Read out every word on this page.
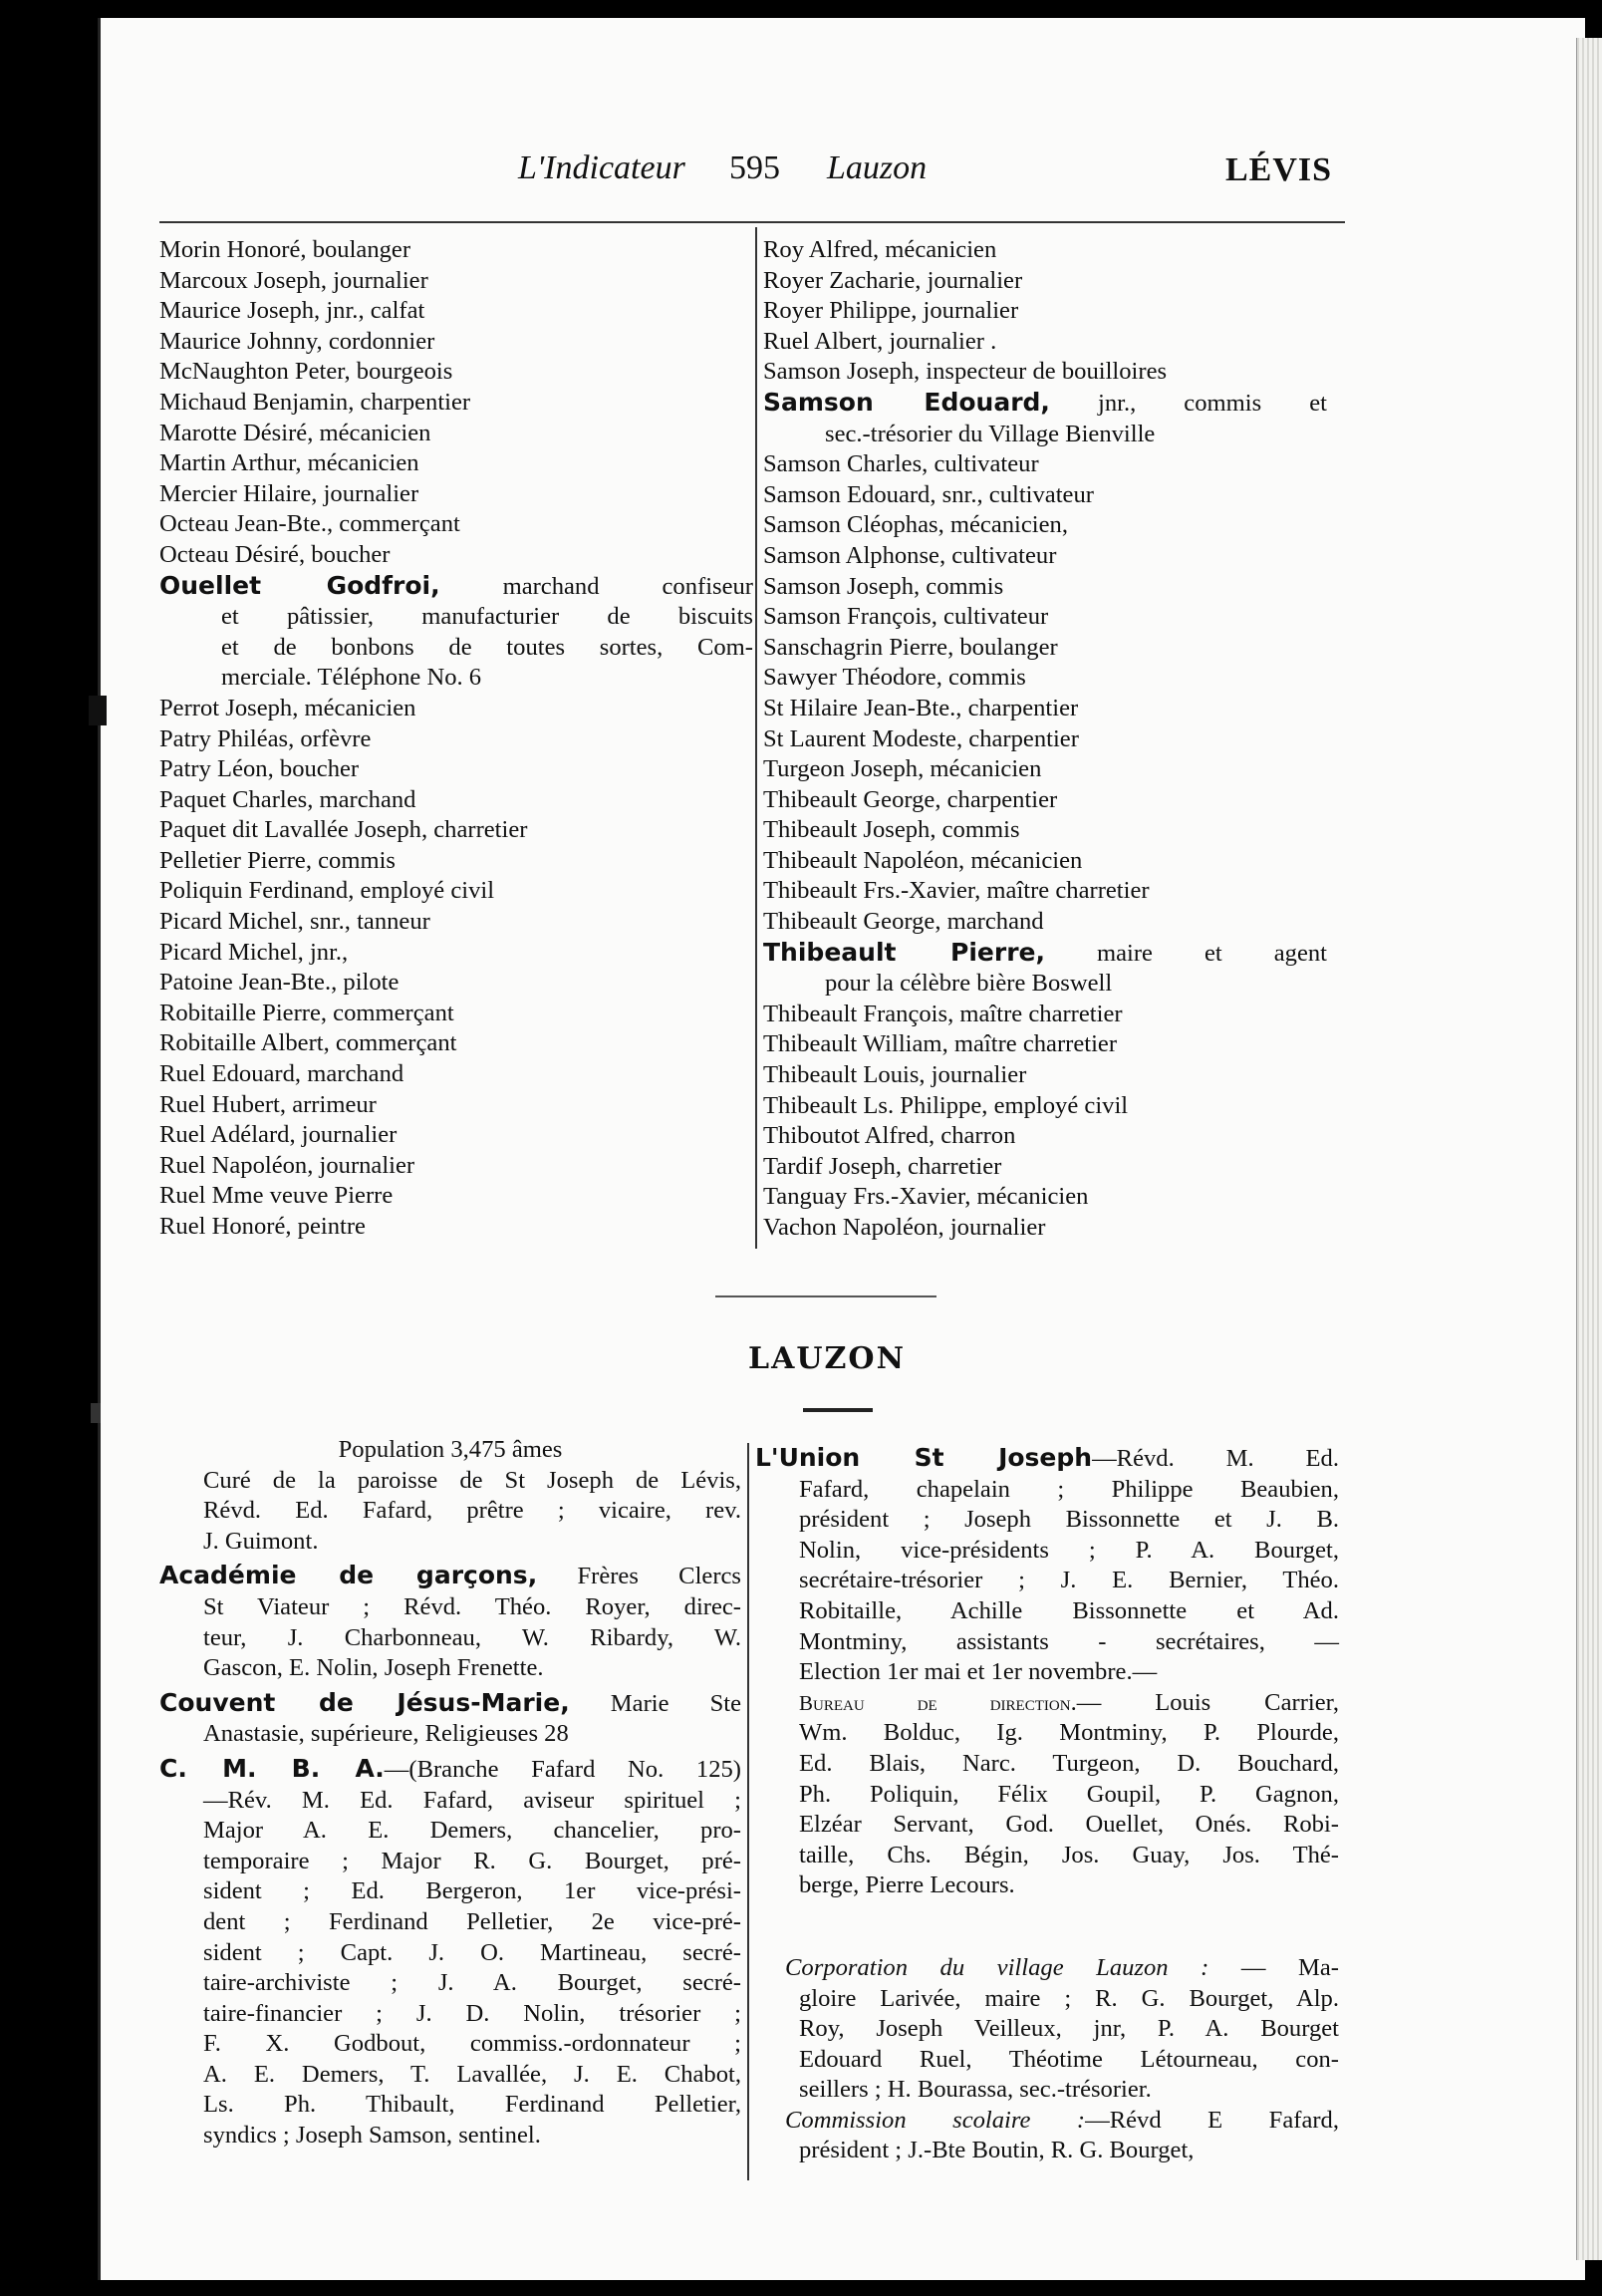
L'Indicateur 595 Lauzon	LÉVIS
Morin Honoré, boulanger
Marcoux Joseph, journalier
Maurice Joseph, jnr., calfat
Maurice Johnny, cordonnier
McNaughton Peter, bourgeois
Michaud Benjamin, charpentier
Marotte Désiré, mécanicien
Martin Arthur, mécanicien
Mercier Hilaire, journalier
Octeau Jean-Bte., commerçant
Octeau Désiré, boucher
Ouellet Godfroi, marchand confiseur
et pâtissier, manufacturier de biscuits
et de bonbons de toutes sortes, Com-
merciale. Téléphone No. 6
Perrot Joseph, mécanicien
Patry Philéas, orfèvre
Patry Léon, boucher
Paquet Charles, marchand
Paquet dit Lavallée Joseph, charretier
Pelletier Pierre, commis
Poliquin Ferdinand, employé civil
Picard Michel, snr., tanneur
Picard Michel, jnr.,
Patoine Jean-Bte., pilote
Robitaille Pierre, commerçant
Robitaille Albert, commerçant
Ruel Edouard, marchand
Ruel Hubert, arrimeur
Ruel Adélard, journalier
Ruel Napoléon, journalier
Ruel Mme veuve Pierre
Ruel Honoré, peintre
Roy Alfred, mécanicien
Royer Zacharie, journalier
Royer Philippe, journalier
Ruel Albert, journalier .
Samson Joseph, inspecteur de bouilloires
Samson Edouard, jnr., commis et
sec.-trésorier du Village Bienville
Samson Charles, cultivateur
Samson Edouard, snr., cultivateur
Samson Cléophas, mécanicien,
Samson Alphonse, cultivateur
Samson Joseph, commis
Samson François, cultivateur
Sanschagrin Pierre, boulanger
Sawyer Théodore, commis
St Hilaire Jean-Bte., charpentier
St Laurent Modeste, charpentier
Turgeon Joseph, mécanicien
Thibeault George, charpentier
Thibeault Joseph, commis
Thibeault Napoléon, mécanicien
Thibeault Frs.-Xavier, maître charretier
Thibeault George, marchand
Thibeault Pierre, maire et agent
pour la célèbre bière Boswell
Thibeault François, maître charretier
Thibeault William, maître charretier
Thibeault Louis, journalier
Thibeault Ls. Philippe, employé civil
Thiboutot Alfred, charron
Tardif Joseph, charretier
Tanguay Frs.-Xavier, mécanicien
Vachon Napoléon, journalier
LAUZON
Population 3,475 âmes
Curé de la paroisse de St Joseph de Lévis,
Révd. Ed. Fafard, prêtre ; vicaire, rev.
J. Guimont.
Académie de garçons, Frères Clercs
St Viateur ; Révd. Théo. Royer, direc-
teur, J. Charbonneau, W. Ribardy, W.
Gascon, E. Nolin, Joseph Frenette.
Couvent de Jésus-Marie, Marie Ste
Anastasie, supérieure, Religieuses 28
C. M. B. A.—(Branche Fafard No. 125)
—Rév. M. Ed. Fafard, aviseur spirituel ;
Major A. E. Demers, chancelier, pro-
temporaire ; Major R. G. Bourget, pré-
sident ; Ed. Bergeron, 1er vice-prési-
dent ; Ferdinand Pelletier, 2e vice-pré-
sident ; Capt. J. O. Martineau, secré-
taire-archiviste ; J. A. Bourget, secré-
taire-financier ; J. D. Nolin, trésorier ;
F. X. Godbout, commiss.-ordonnateur ;
A. E. Demers, T. Lavallée, J. E. Chabot,
Ls. Ph. Thibault, Ferdinand Pelletier,
syndics ; Joseph Samson, sentinel.
L'Union St Joseph—Révd. M. Ed.
Fafard, chapelain ; Philippe Beaubien,
président ; Joseph Bissonnette et J. B.
Nolin, vice-présidents ; P. A. Bourget,
secrétaire-trésorier ; J. E. Bernier, Théo.
Robitaille, Achille Bissonnette et Ad.
Montminy, assistants - secrétaires, —
Election 1er mai et 1er novembre.—
Bureau de direction.— Louis Carrier,
Wm. Bolduc, Ig. Montminy, P. Plourde,
Ed. Blais, Narc. Turgeon, D. Bouchard,
Ph. Poliquin, Félix Goupil, P. Gagnon,
Elzéar Servant, God. Ouellet, Onés. Robi-
taille, Chs. Bégin, Jos. Guay, Jos. Thé-
berge, Pierre Lecours.
Corporation du village Lauzon : — Ma-
gloire Larivée, maire ; R. G. Bourget, Alp.
Roy, Joseph Veilleux, jnr, P. A. Bourget
Edouard Ruel, Théotime Létourneau, con-
seillers ; H. Bourassa, sec.-trésorier.
Commission scolaire :—Révd E Fafard,
président ; J.-Bte Boutin, R. G. Bourget,
